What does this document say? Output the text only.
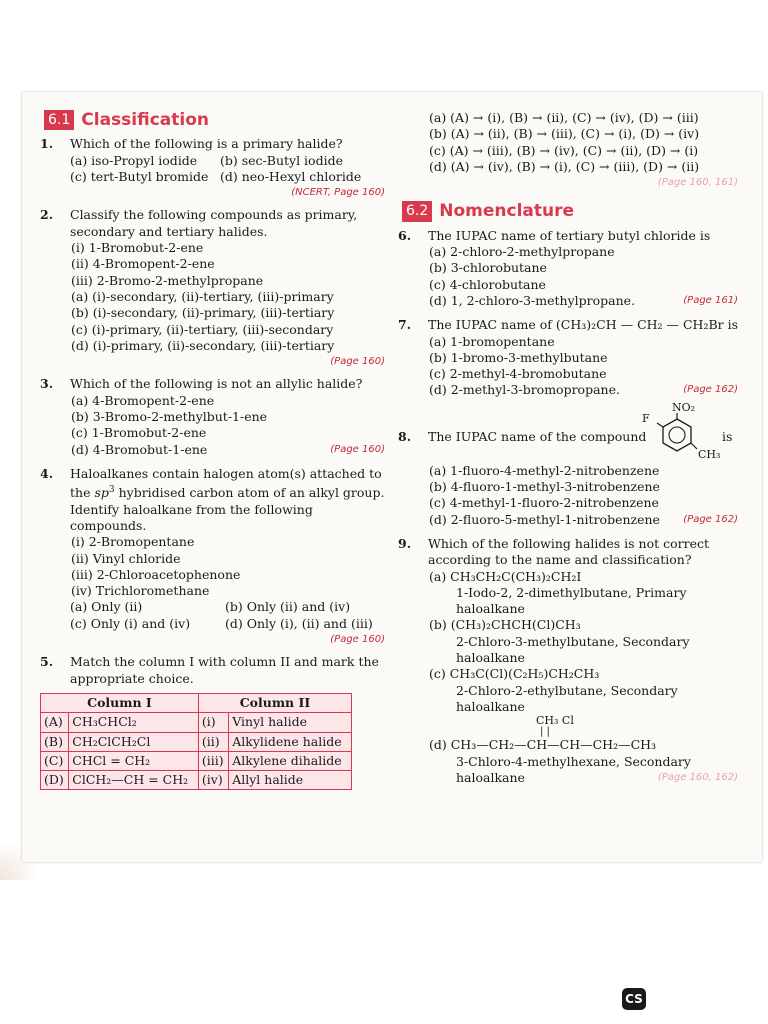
6.1 Classification
1. Which of the following is a primary halide?
(a) iso-Propyl iodide	(b) sec-Butyl iodide
(c) tert-Butyl bromide (d) neo-Hexyl chloride
(NCERT, Page 160)
2. Classify the following compounds as primary, secondary and tertiary halides.
(i) 1-Bromobut-2-ene
(ii) 4-Bromopent-2-ene
(iii) 2-Bromo-2-methylpropane
(a) (i)-secondary, (ii)-tertiary, (iii)-primary
(b) (i)-secondary, (ii)-primary, (iii)-tertiary
(c) (i)-primary, (ii)-tertiary, (iii)-secondary
(d) (i)-primary, (ii)-secondary, (iii)-tertiary
(Page 160)
3. Which of the following is not an allylic halide?
(a) 4-Bromopent-2-ene
(b) 3-Bromo-2-methylbut-1-ene
(c) 1-Bromobut-2-ene
(d) 4-Bromobut-1-ene	(Page 160)
4. Haloalkanes contain halogen atom(s) attached to the $sp^3$ hybridised carbon atom of an alkyl group. Identify haloalkane from the following compounds.
(i) 2-Bromopentane
(ii) Vinyl chloride
(iii) 2-Chloroacetophenone
(iv) Trichloromethane
(a) Only (ii)	(b) Only (ii) and (iv)
(c) Only (i) and (iv)	(d) Only (i), (ii) and (iii)
(Page 160)
5. Match the column I with column II and mark the appropriate choice.
Column I		Column II	
(A)	CH₃CHCl₂	(i)	Vinyl halide
(B)	CH₂ClCH₂Cl	(ii)	Alkylidene halide
(C)	CHCl = CH₂	(iii)	Alkylene dihalide
(D)	ClCH₂—CH = CH₂	(iv)	Allyl halide
(a) (A) → (i), (B) → (ii), (C) → (iv), (D) → (iii)
(b) (A) → (ii), (B) → (iii), (C) → (i), (D) → (iv)
(c) (A) → (iii), (B) → (iv), (C) → (ii), (D) → (i)
(d) (A) → (iv), (B) → (i), (C) → (iii), (D) → (ii)
(Page 160, 161)
6.2 Nomenclature
6. The IUPAC name of tertiary butyl chloride is
(a) 2-chloro-2-methylpropane
(b) 3-chlorobutane
(c) 4-chlorobutane
(d) 1, 2-chloro-3-methylpropane.	(Page 161)
7. The IUPAC name of (CH₃)₂CH — CH₂ — CH₂Br is
(a) 1-bromopentane
(b) 1-bromo-3-methylbutane
(c) 2-methyl-4-bromobutane
(d) 2-methyl-3-bromopropane.	(Page 162)
8. The IUPAC name of the compound
NO₂
F
CH₃
is
(a) 1-fluoro-4-methyl-2-nitrobenzene
(b) 4-fluoro-1-methyl-3-nitrobenzene
(c) 4-methyl-1-fluoro-2-nitrobenzene
(d) 2-fluoro-5-methyl-1-nitrobenzene (Page 162)
9. Which of the following halides is not correct according to the name and classification?
(a) CH₃CH₂C(CH₃)₂CH₂I
1-Iodo-2, 2-dimethylbutane, Primary haloalkane
(b) (CH₃)₂CHCH(Cl)CH₃
2-Chloro-3-methylbutane, Secondary haloalkane
(c) CH₃C(Cl)(C₂H₅)CH₂CH₃
2-Chloro-2-ethylbutane, Secondary haloalkane
CH₃ Cl
| |
(d) CH₃—CH₂—CH—CH—CH₂—CH₃
3-Chloro-4-methylhexane, Secondary
haloalkane	(Page 160, 162)
CS
